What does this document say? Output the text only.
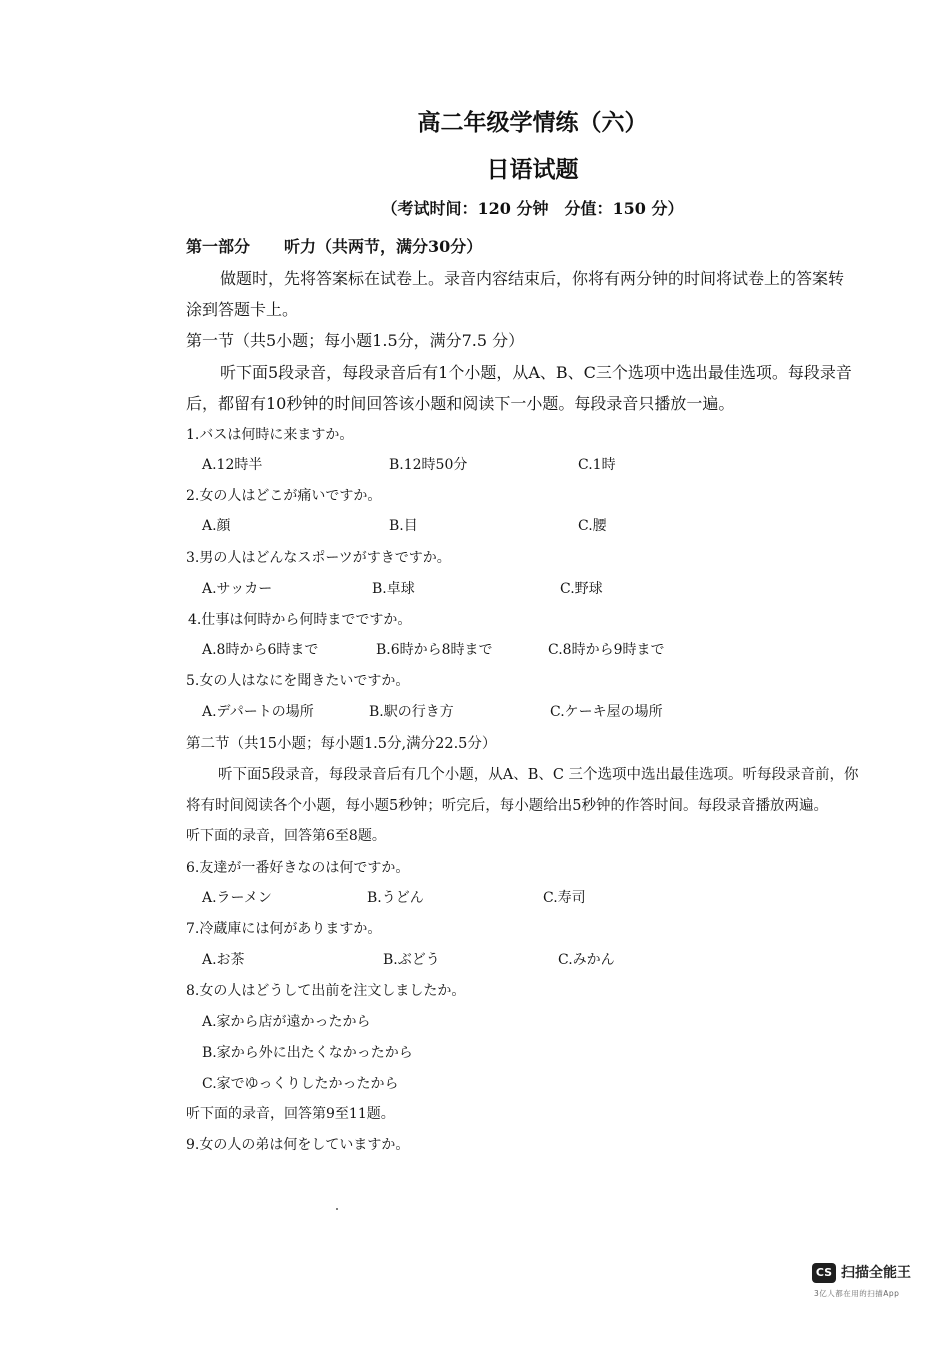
高二年级学情练（六）
日语试题
（考试时间：120 分钟　分值：150 分）
第一部分 听力（共两节，满分30分）
做题时，先将答案标在试卷上。录音内容结束后，你将有两分钟的时间将试卷上的答案转
涂到答题卡上。
第一节（共5小题；每小题1.5分，满分7.5 分）
听下面5段录音，每段录音后有1个小题，从A、B、C三个选项中选出最佳选项。每段录音
后，都留有10秒钟的时间回答该小题和阅读下一小题。每段录音只播放一遍。
1.バスは何時に来ますか。
A.12時半	B.12時50分	C.1時
2.女の人はどこが痛いですか。
A.顔	B.目	C.腰
3.男の人はどんなスポーツがすきですか。
A.サッカー	B.卓球	C.野球
4.仕事は何時から何時までですか。
A.8時から6時まで	B.6時から8時まで	C.8時から9時まで
5.女の人はなにを聞きたいですか。
A.デパートの場所	B.駅の行き方	C.ケーキ屋の場所
第二节（共15小题；每小题1.5分,满分22.5分）
听下面5段录音，每段录音后有几个小题，从A、B、C 三个选项中选出最佳选项。听每段录音前，你
将有时间阅读各个小题，每小题5秒钟；听完后，每小题给出5秒钟的作答时间。每段录音播放两遍。
听下面的录音，回答第6至8题。
6.友達が一番好きなのは何ですか。
A.ラーメン	B.うどん	C.寿司
7.冷蔵庫には何がありますか。
A.お茶	B.ぶどう	C.みかん
8.女の人はどうして出前を注文しましたか。
A.家から店が遠かったから
B.家から外に出たくなかったから
C.家でゆっくりしたかったから
听下面的录音，回答第9至11题。
9.女の人の弟は何をしていますか。
CS 扫描全能王
3亿人都在用的扫描App
